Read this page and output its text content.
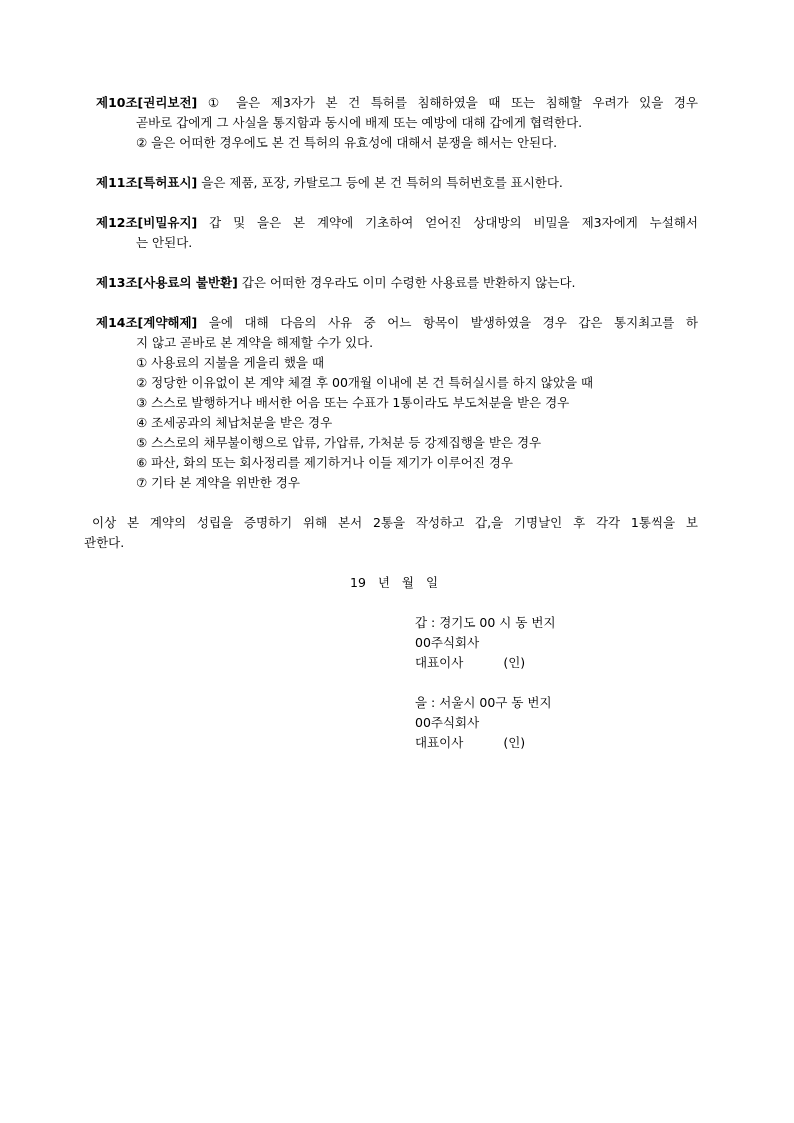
제10조[권리보전] ① 을은 제3자가 본 건 특허를 침해하였을 때 또는 침해할 우려가 있을 경우
곧바로 갑에게 그 사실을 통지함과 동시에 배제 또는 예방에 대해 갑에게 협력한다.
② 을은 어떠한 경우에도 본 건 특허의 유효성에 대해서 분쟁을 해서는 안된다.
제11조[특허표시] 을은 제품, 포장, 카탈로그 등에 본 건 특허의 특허번호를 표시한다.
제12조[비밀유지] 갑 및 을은 본 계약에 기초하여 얻어진 상대방의 비밀을 제3자에게 누설해서
는 안된다.
제13조[사용료의 불반환] 갑은 어떠한 경우라도 이미 수령한 사용료를 반환하지 않는다.
제14조[계약해제] 을에 대해 다음의 사유 중 어느 항목이 발생하였을 경우 갑은 통지최고를 하
지 않고 곧바로 본 계약을 해제할 수가 있다.
① 사용료의 지불을 게을리 했을 때
② 정당한 이유없이 본 계약 체결 후 00개월 이내에 본 건 특허실시를 하지 않았을 때
③ 스스로 발행하거나 배서한 어음 또는 수표가 1통이라도 부도처분을 받은 경우
④ 조세공과의 체납처분을 받은 경우
⑤ 스스로의 채무불이행으로 압류, 가압류, 가처분 등 강제집행을 받은 경우
⑥ 파산, 화의 또는 회사정리를 제기하거나 이들 제기가 이루어진 경우
⑦ 기타 본 계약을 위반한 경우
이상 본 계약의 성립을 증명하기 위해 본서 2통을 작성하고 갑,을 기명날인 후 각각 1통씩을 보
관한다.
19 년 월 일
갑 : 경기도 00 시 동 번지
00주식회사
대표이사	(인)
을 : 서울시 00구 동 번지
00주식회사
대표이사	(인)
